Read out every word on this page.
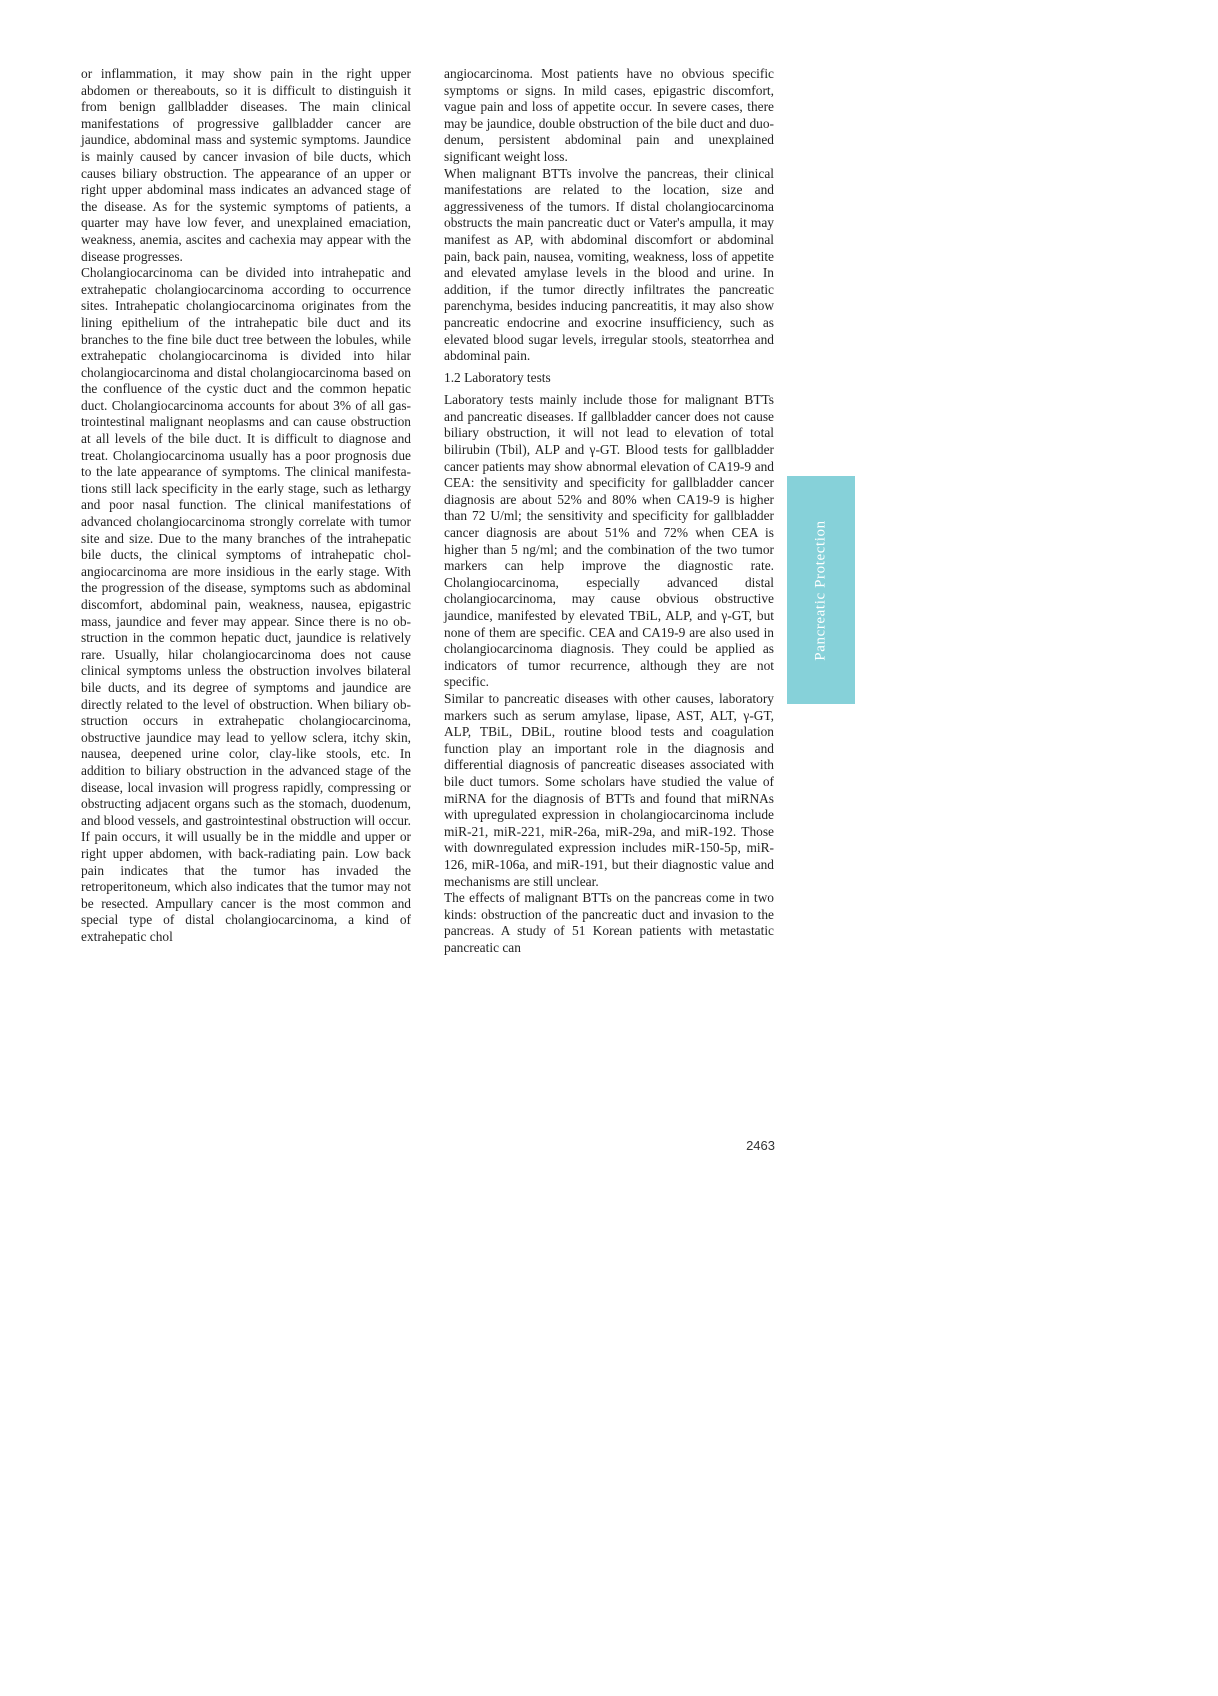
or inflammation, it may show pain in the right upper abdomen or thereabouts, so it is difficult to distinguish it from benign gallbladder diseases. The main clinical manifestations of progressive gallbladder cancer are jaundice, abdominal mass and systemic symptoms. Jaundice is mainly caused by cancer invasion of bile ducts, which causes biliary obstruction. The appearance of an upper or right upper abdominal mass indicates an advanced stage of the disease. As for the systemic symptoms of patients, a quarter may have low fever, and unexplained emaciation, weakness, anemia, ascites and cachexia may appear with the disease progresses.

Cholangiocarcinoma can be divided into intrahepatic and extrahepatic cholangiocarcinoma according to occurrence sites. Intrahepatic cholangiocarcinoma originates from the lining epithelium of the intrahepatic bile duct and its branches to the fine bile duct tree between the lobules, while extrahepatic cholangiocarcinoma is divided into hilar cholangiocarcinoma and distal cholangiocarcinoma based on the confluence of the cystic duct and the common hepatic duct. Cholangiocarcinoma accounts for about 3% of all gastrointestinal malignant neoplasms and can cause obstruction at all levels of the bile duct. It is difficult to diagnose and treat. Cholangiocarcinoma usually has a poor prognosis due to the late appearance of symptoms. The clinical manifestations still lack specificity in the early stage, such as lethargy and poor nasal function. The clinical manifestations of advanced cholangiocarcinoma strongly correlate with tumor site and size. Due to the many branches of the intrahepatic bile ducts, the clinical symptoms of intrahepatic cholangiocarcinoma are more insidious in the early stage. With the progression of the disease, symptoms such as abdominal discomfort, abdominal pain, weakness, nausea, epigastric mass, jaundice and fever may appear. Since there is no obstruction in the common hepatic duct, jaundice is relatively rare. Usually, hilar cholangiocarcinoma does not cause clinical symptoms unless the obstruction involves bilateral bile ducts, and its degree of symptoms and jaundice are directly related to the level of obstruction. When biliary obstruction occurs in extrahepatic cholangiocarcinoma, obstructive jaundice may lead to yellow sclera, itchy skin, nausea, deepened urine color, clay-like stools, etc. In addition to biliary obstruction in the advanced stage of the disease, local invasion will progress rapidly, compressing or obstructing adjacent organs such as the stomach, duodenum, and blood vessels, and gastrointestinal obstruction will occur. If pain occurs, it will usually be in the middle and upper or right upper abdomen, with back-radiating pain. Low back pain indicates that the tumor has invaded the retroperitoneum, which also indicates that the tumor may not be resected. Ampullary cancer is the most common and special type of distal cholangiocarcinoma, a kind of extrahepatic chol

angiocarcinoma. Most patients have no obvious specific symptoms or signs. In mild cases, epigastric discomfort, vague pain and loss of appetite occur. In severe cases, there may be jaundice, double obstruction of the bile duct and duodenum, persistent abdominal pain and unexplained significant weight loss.

When malignant BTTs involve the pancreas, their clinical manifestations are related to the location, size and aggressiveness of the tumors. If distal cholangiocarcinoma obstructs the main pancreatic duct or Vater's ampulla, it may manifest as AP, with abdominal discomfort or abdominal pain, back pain, nausea, vomiting, weakness, loss of appetite and elevated amylase levels in the blood and urine. In addition, if the tumor directly infiltrates the pancreatic parenchyma, besides inducing pancreatitis, it may also show pancreatic endocrine and exocrine insufficiency, such as elevated blood sugar levels, irregular stools, steatorrhea and abdominal pain.

1.2 Laboratory tests

Laboratory tests mainly include those for malignant BTTs and pancreatic diseases. If gallbladder cancer does not cause biliary obstruction, it will not lead to elevation of total bilirubin (Tbil), ALP and γ-GT. Blood tests for gallbladder cancer patients may show abnormal elevation of CA19-9 and CEA: the sensitivity and specificity for gallbladder cancer diagnosis are about 52% and 80% when CA19-9 is higher than 72 U/ml; the sensitivity and specificity for gallbladder cancer diagnosis are about 51% and 72% when CEA is higher than 5 ng/ml; and the combination of the two tumor markers can help improve the diagnostic rate. Cholangiocarcinoma, especially advanced distal cholangiocarcinoma, may cause obvious obstructive jaundice, manifested by elevated TBiL, ALP, and γ-GT, but none of them are specific. CEA and CA19-9 are also used in cholangiocarcinoma diagnosis. They could be applied as indicators of tumor recurrence, although they are not specific.

Similar to pancreatic diseases with other causes, laboratory markers such as serum amylase, lipase, AST, ALT, γ-GT, ALP, TBiL, DBiL, routine blood tests and coagulation function play an important role in the diagnosis and differential diagnosis of pancreatic diseases associated with bile duct tumors. Some scholars have studied the value of miRNA for the diagnosis of BTTs and found that miRNAs with upregulated expression in cholangiocarcinoma include miR-21, miR-221, miR-26a, miR-29a, and miR-192. Those with downregulated expression includes miR-150-5p, miR-126, miR-106a, and miR-191, but their diagnostic value and mechanisms are still unclear.

The effects of malignant BTTs on the pancreas come in two kinds: obstruction of the pancreatic duct and invasion to the pancreas. A study of 51 Korean patients with metastatic pancreatic can

Pancreatic Protection
2463
